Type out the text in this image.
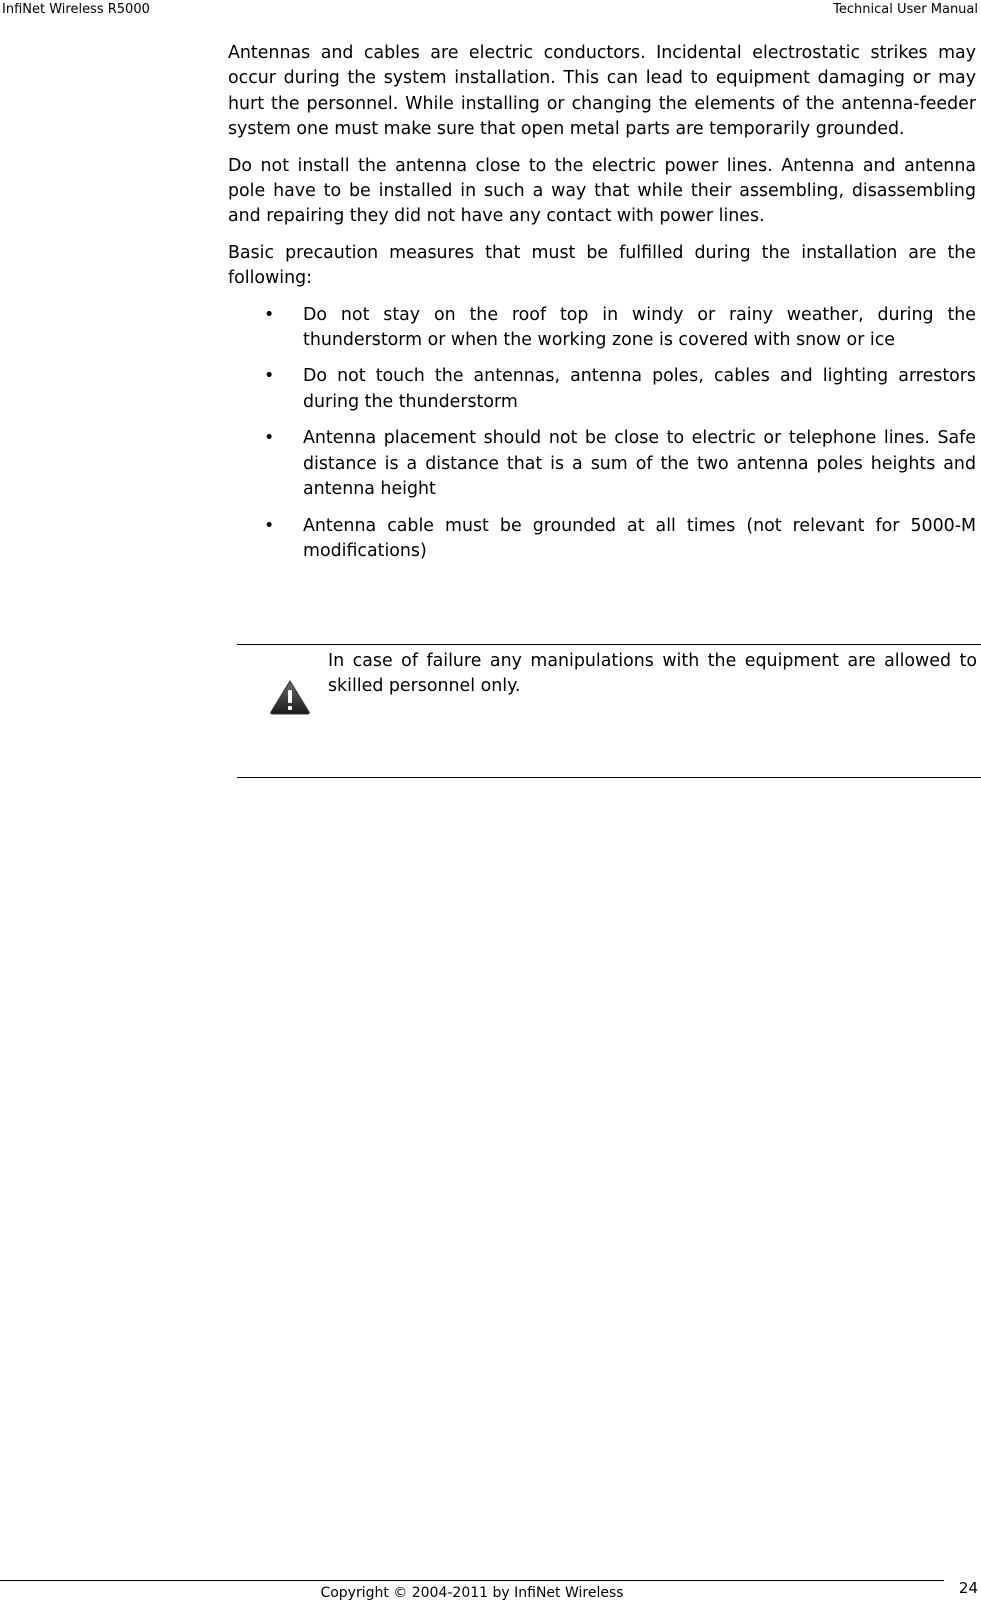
InfiNet Wireless R5000	Technical User Manual

Antennas and cables are electric conductors. Incidental electrostatic strikes may occur during the system installation. This can lead to equipment damaging or may hurt the personnel. While installing or changing the elements of the antenna-feeder system one must make sure that open metal parts are temporarily grounded.

Do not install the antenna close to the electric power lines. Antenna and antenna pole have to be installed in such a way that while their assembling, disassembling and repairing they did not have any contact with power lines.

Basic precaution measures that must be fulfilled during the installation are the following:

• Do not stay on the roof top in windy or rainy weather, during the thunderstorm or when the working zone is covered with snow or ice
• Do not touch the antennas, antenna poles, cables and lighting arrestors during the thunderstorm
• Antenna placement should not be close to electric or telephone lines. Safe distance is a distance that is a sum of the two antenna poles heights and antenna height
• Antenna cable must be grounded at all times (not relevant for 5000-M modifications)
In case of failure any manipulations with the equipment are allowed to skilled personnel only.
Copyright © 2004-2011 by InfiNet Wireless	24
